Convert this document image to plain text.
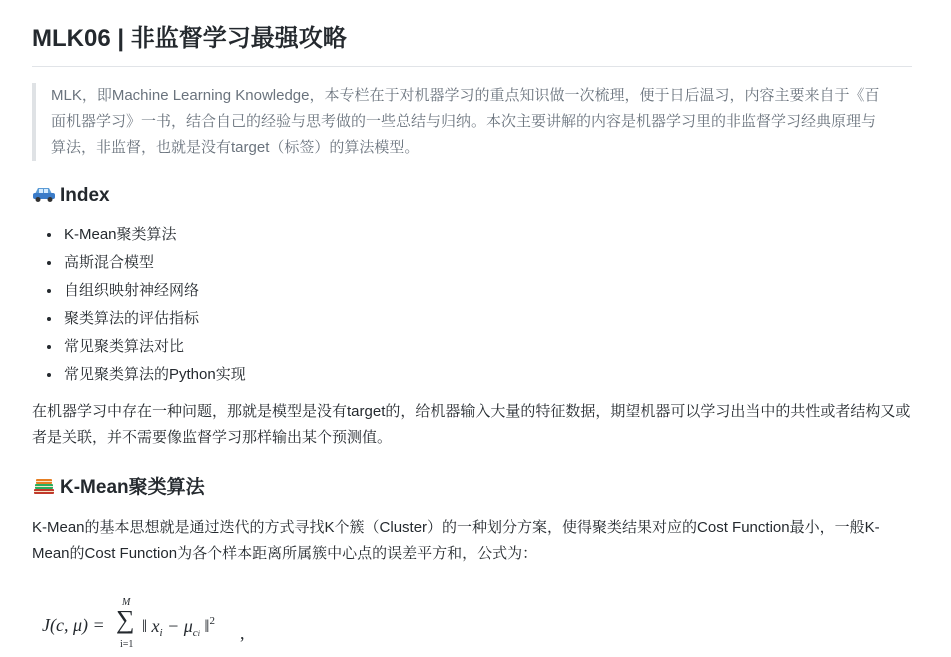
MLK06 | 非监督学习最强攻略
MLK，即Machine Learning Knowledge，本专栏在于对机器学习的重点知识做一次梳理，便于日后温习，内容主要来自于《百面机器学习》一书，结合自己的经验与思考做的一些总结与归纳。本次主要讲解的内容是机器学习里的非监督学习经典原理与算法，非监督，也就是没有target（标签）的算法模型。
Index
• K-Mean聚类算法
• 高斯混合模型
• 自组织映射神经网络
• 聚类算法的评估指标
• 常见聚类算法对比
• 常见聚类算法的Python实现

在机器学习中存在一种问题，那就是模型是没有target的，给机器输入大量的特征数据，期望机器可以学习出当中的共性或者结构又或者是关联，并不需要像监督学习那样输出某个预测值。

K-Mean聚类算法

K-Mean的基本思想就是通过迭代的方式寻找K个簇（Cluster）的一种划分方案，使得聚类结果对应的Cost Function最小，一般K-Mean的Cost Function为各个样本距离所属簇中心点的误差平方和，公式为：

J(c, μ) =
M
∑
i=1
‖ $x_i - \mu_{ci}$ ‖$^2$
,
